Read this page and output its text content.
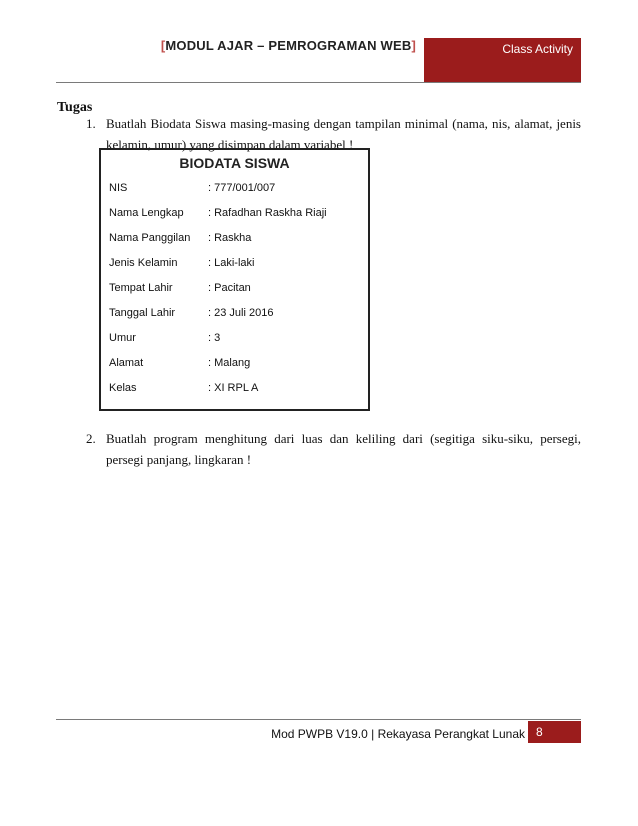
[MODUL AJAR – PEMROGRAMAN WEB]	Class Activity
Tugas
1. Buatlah Biodata Siswa masing-masing dengan tampilan minimal (nama, nis, alamat, jenis kelamin, umur) yang disimpan dalam variabel !
BIODATA SISWA
NIS	: 777/001/007
Nama Lengkap : Rafadhan Raskha Riaji
Nama Panggilan : Raskha
Jenis Kelamin	: Laki-laki
Tempat Lahir	: Pacitan
Tanggal Lahir	: 23 Juli 2016
Umur	: 3
Alamat	: Malang
Kelas	: XI RPL A
2. Buatlah program menghitung dari luas dan keliling dari (segitiga siku-siku, persegi, persegi panjang, lingkaran !
Mod PWPB V19.0 | Rekayasa Perangkat Lunak 8
